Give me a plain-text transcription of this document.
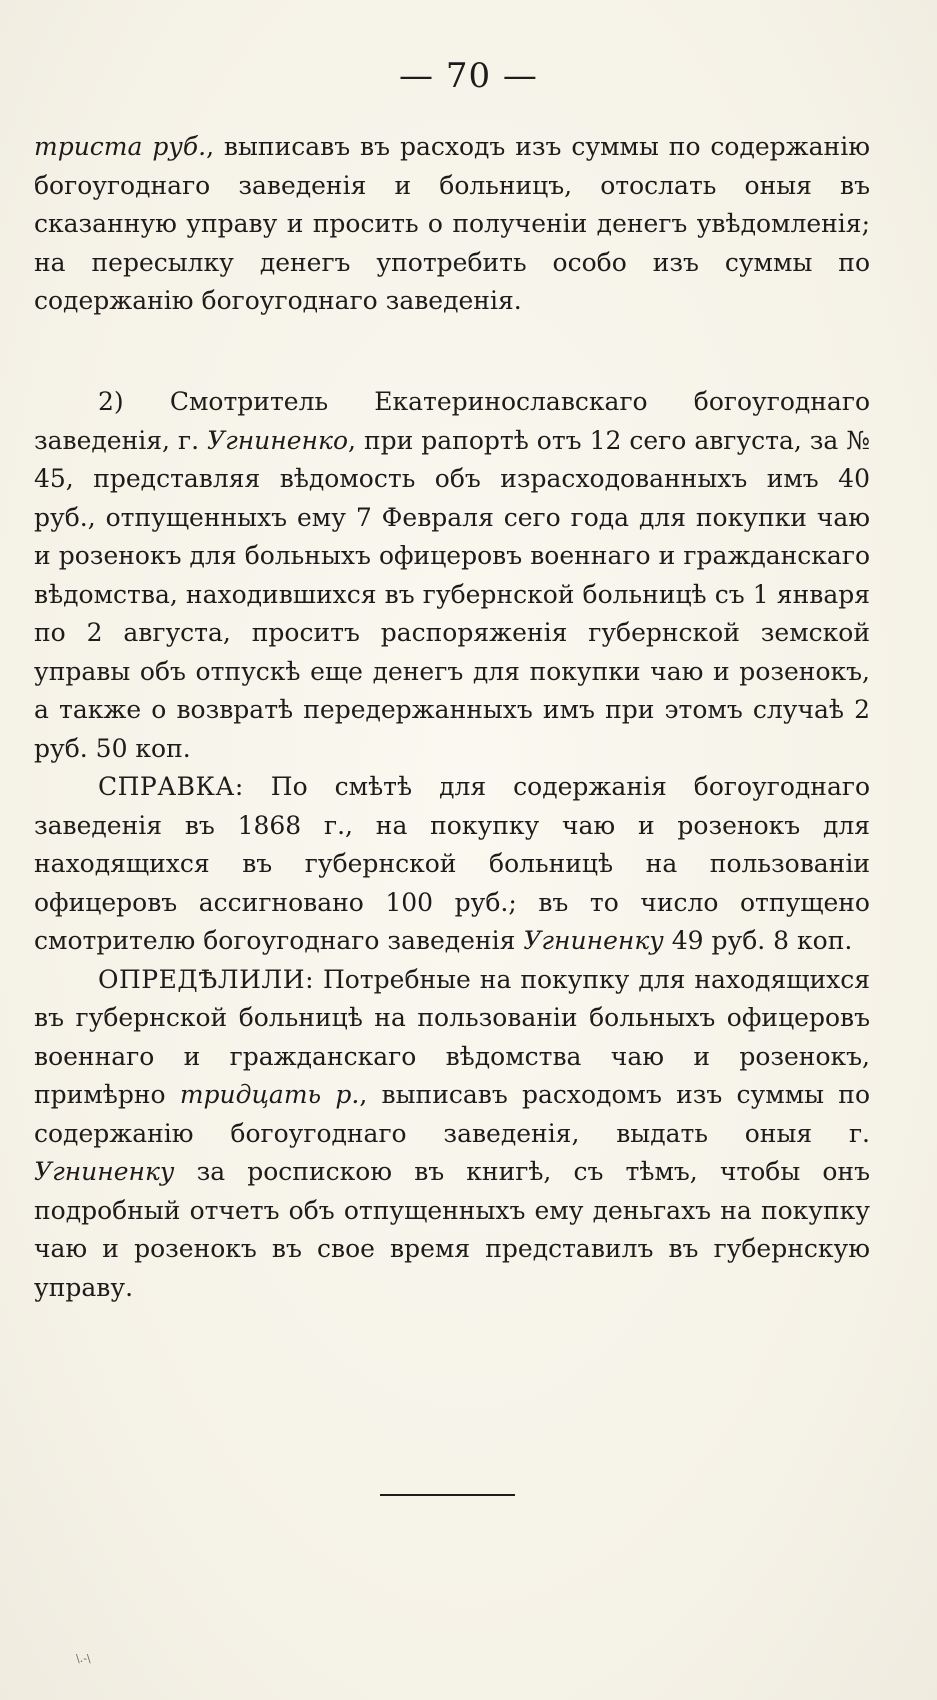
— 70 —

триста руб., выписавъ въ расходъ изъ суммы по содержанію богоугоднаго заведенія и больницъ, отослать оныя въ сказанную управу и просить о полученіи денегъ увѣдомленія; на пересылку денегъ употребить особо изъ суммы по содержанію богоугоднаго заведенія.

2) Смотритель Екатеринославскаго богоугоднаго заведенія, г. Угниненко, при рапортѣ отъ 12 сего августа, за № 45, представляя вѣдомость объ израсходованныхъ имъ 40 руб., отпущенныхъ ему 7 Февраля сего года для покупки чаю и розенокъ для больныхъ офицеровъ военнаго и гражданскаго вѣдомства, находившихся въ губернской больницѣ съ 1 января по 2 августа, проситъ распоряженія губернской земской управы объ отпускѣ еще денегъ для покупки чаю и розенокъ, а также о возвратѣ передержанныхъ имъ при этомъ случаѣ 2 руб. 50 коп.

СПРАВКА: По смѣтѣ для содержанія богоугоднаго заведенія въ 1868 г., на покупку чаю и розенокъ для находящихся въ губернской больницѣ на пользованіи офицеровъ ассигновано 100 руб.; въ то число отпущено смотрителю богоугоднаго заведенія Угниненку 49 руб. 8 коп.

ОПРЕДѢЛИЛИ: Потребные на покупку для находящихся въ губернской больницѣ на пользованіи больныхъ офицеровъ военнаго и гражданскаго вѣдомства чаю и розенокъ, примѣрно тридцать р., выписавъ расходомъ изъ суммы по содержанію богоугоднаго заведенія, выдать оныя г. Угниненку за роспискою въ книгѣ, съ тѣмъ, чтобы онъ подробный отчетъ объ отпущенныхъ ему деньгахъ на покупку чаю и розенокъ въ свое время представилъ въ губернскую управу.

\.-\
